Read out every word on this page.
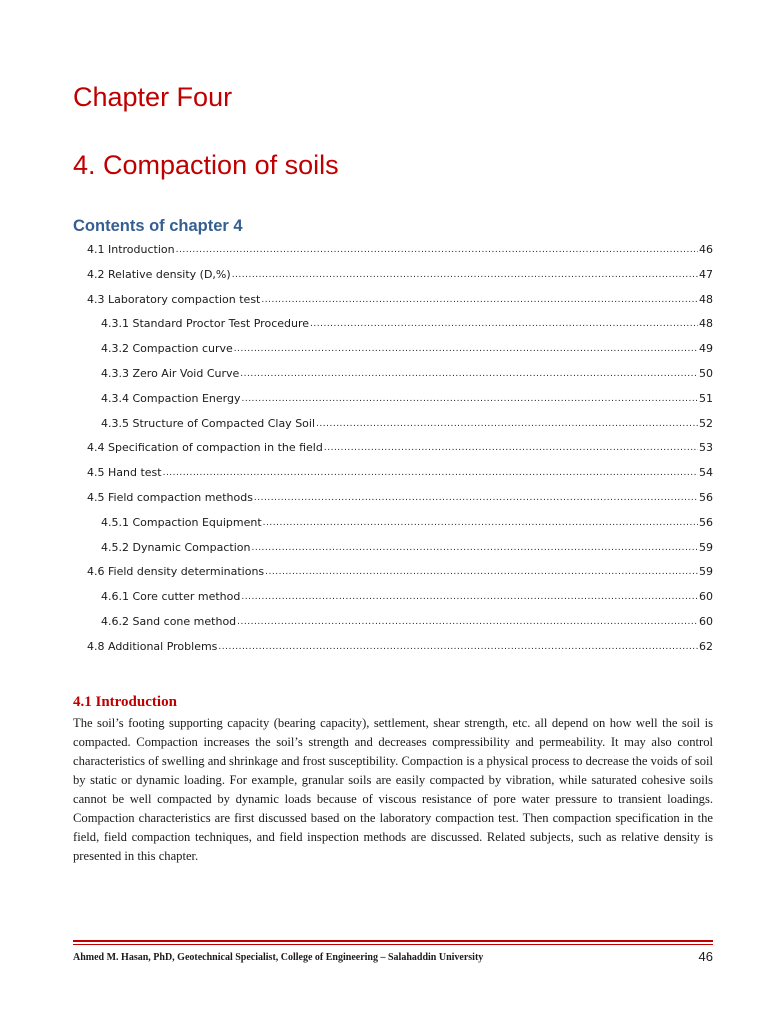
Chapter Four
4. Compaction of soils
Contents of chapter 4
4.1 Introduction .....	46
4.2 Relative density (D,%) .....	47
4.3 Laboratory compaction test .....	48
4.3.1 Standard Proctor Test Procedure .....	48
4.3.2 Compaction curve .....	49
4.3.3 Zero Air Void Curve .....	50
4.3.4 Compaction Energy .....	51
4.3.5 Structure of Compacted Clay Soil .....	52
4.4 Specification of compaction in the field .....	53
4.5 Hand test .....	54
4.5 Field compaction methods .....	56
4.5.1 Compaction Equipment .....	56
4.5.2 Dynamic Compaction .....	59
4.6 Field density determinations .....	59
4.6.1 Core cutter method .....	60
4.6.2 Sand cone method .....	60
4.8 Additional Problems .....	62
4.1 Introduction

The soil’s footing supporting capacity (bearing capacity), settlement, shear strength, etc. all depend on how well the soil is compacted. Compaction increases the soil’s strength and decreases compressibility and permeability. It may also control characteristics of swelling and shrinkage and frost susceptibility. Compaction is a physical process to decrease the voids of soil by static or dynamic loading. For example, granular soils are easily compacted by vibration, while saturated cohesive soils cannot be well compacted by dynamic loads because of viscous resistance of pore water pressure to transient loadings. Compaction characteristics are first discussed based on the laboratory compaction test. Then compaction specification in the field, field compaction techniques, and field inspection methods are discussed. Related subjects, such as relative density is presented in this chapter.

Ahmed M. Hasan, PhD, Geotechnical Specialist, College of Engineering – Salahaddin University	46
